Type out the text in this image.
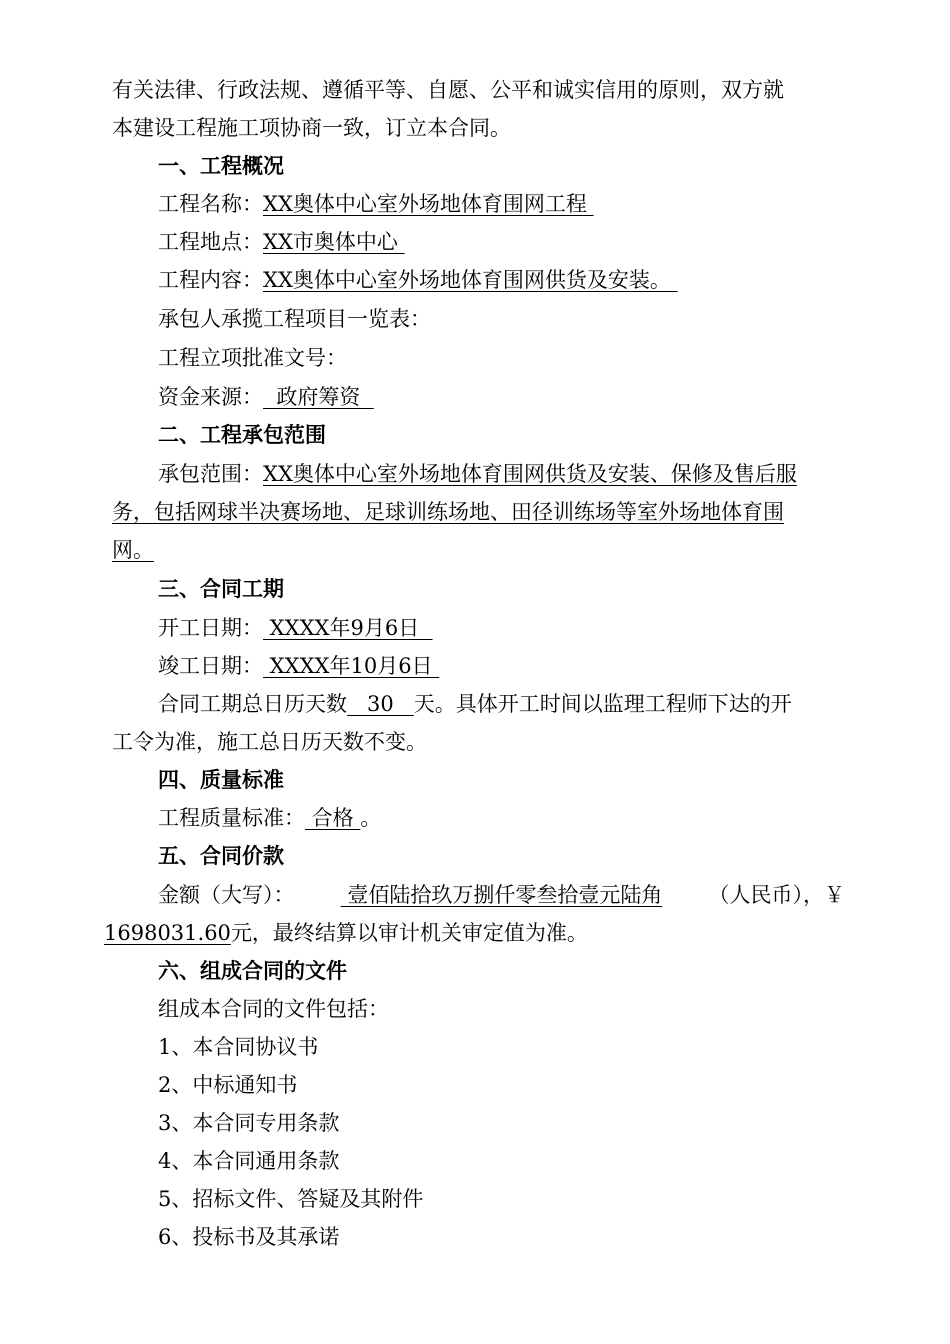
有关法律、行政法规、遵循平等、自愿、公平和诚实信用的原则，双方就
本建设工程施工项协商一致，订立本合同。
一、工程概况
工程名称：XX奥体中心室外场地体育围网工程
工程地点：XX市奥体中心
工程内容：XX奥体中心室外场地体育围网供货及安装。
承包人承揽工程项目一览表：
工程立项批准文号：
资金来源：  政府筹资
二、工程承包范围
承包范围：XX奥体中心室外场地体育围网供货及安装、保修及售后服
务，包括网球半决赛场地、足球训练场地、田径训练场等室外场地体育围
网。
三、合同工期
开工日期： XXXX年9月6日
竣工日期： XXXX年10月6日
合同工期总日历天数   30   天。具体开工时间以监理工程师下达的开
工令为准，施工总日历天数不变。
四、质量标准
工程质量标准： 合格 。
五、合同价款
金额（大写）： 壹佰陆拾玖万捌仟零叁拾壹元陆角 （人民币），￥
1698031.60元，最终结算以审计机关审定值为准。
六、组成合同的文件
组成本合同的文件包括：
1、本合同协议书
2、中标通知书
3、本合同专用条款
4、本合同通用条款
5、招标文件、答疑及其附件
6、投标书及其承诺
